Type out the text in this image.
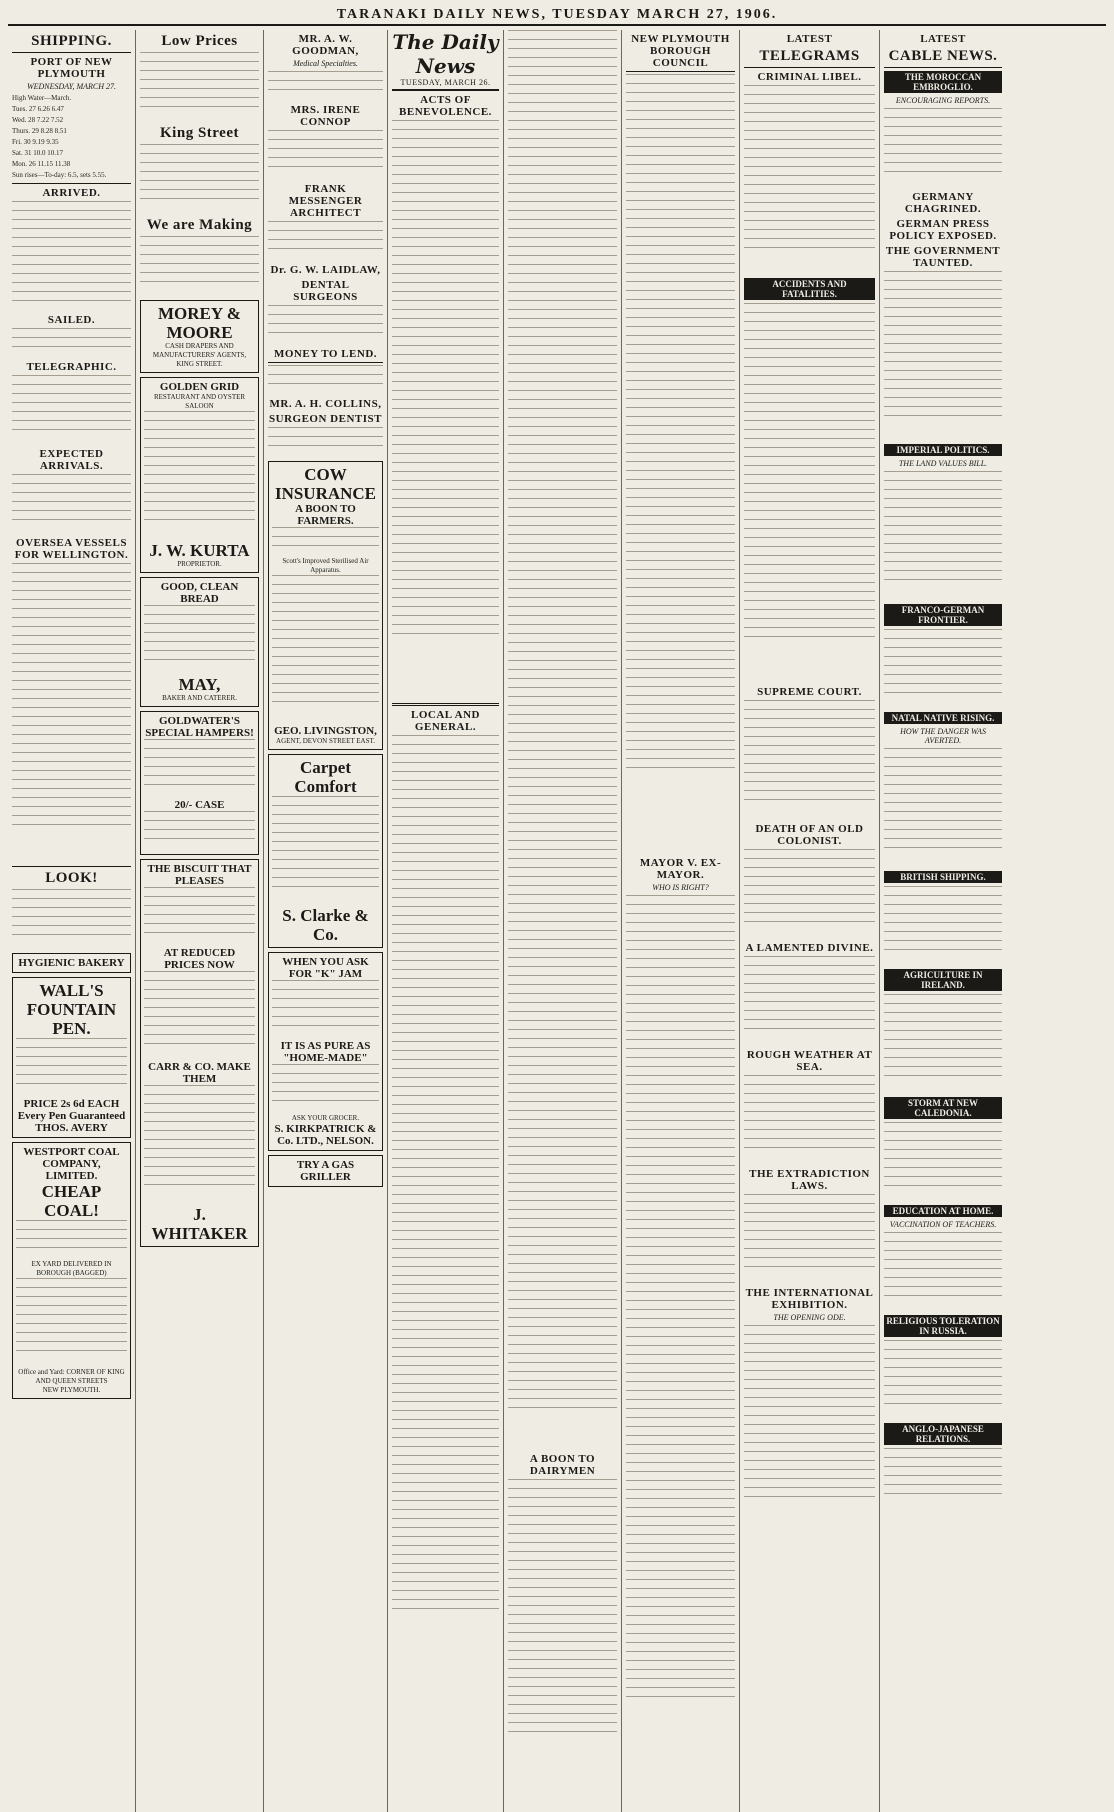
TARANAKI DAILY NEWS, TUESDAY MARCH 27, 1906.
SHIPPING.
PORT OF NEW PLYMOUTH
WEDNESDAY, MARCH 27.
High Water—March.
Tues. 27 6.26 6.47
Wed. 28 7.22 7.52
Thurs. 29 8.28 8.51
Fri. 30 9.19 9.35
Sat. 31 10.0 10.17
Mon. 26 11.15 11.38
Sun rises—To-day: 6.5, sets 5.55.
ARRIVED.
SAILED.
TELEGRAPHIC.
EXPECTED ARRIVALS.
OVERSEA VESSELS FOR WELLINGTON.
LOOK!
HYGIENIC BAKERY
WALL'S FOUNTAIN PEN.
PRICE 2s 6d EACH
Every Pen Guaranteed
THOS. AVERY
WESTPORT COAL COMPANY, LIMITED.
CHEAP COAL!
EX YARD DELIVERED IN BOROUGH (BAGGED)
Office and Yard: CORNER OF KING AND QUEEN STREETS
NEW PLYMOUTH.
Low Prices
King Street
We are Making
MOREY & MOORE
CASH DRAPERS AND MANUFACTURERS' AGENTS, KING STREET.
GOLDEN GRID
RESTAURANT AND OYSTER SALOON
J. W. KURTA
PROPRIETOR.
GOOD, CLEAN BREAD
MAY,
BAKER AND CATERER.
GOLDWATER'S SPECIAL HAMPERS!
20/- CASE
THE BISCUIT THAT PLEASES
AT REDUCED PRICES NOW
CARR & CO. MAKE THEM
J. WHITAKER
MR. A. W. GOODMAN,
Medical Specialties.
MRS. IRENE CONNOP
FRANK MESSENGER ARCHITECT
Dr. G. W. LAIDLAW,
DENTAL SURGEONS
MONEY TO LEND.
MR. A. H. COLLINS,
SURGEON DENTIST
COW INSURANCE
A BOON TO FARMERS.
Scott's Improved Sterilised Air Apparatus.
GEO. LIVINGSTON,
AGENT, DEVON STREET EAST.
Carpet Comfort
S. Clarke & Co.
WHEN YOU ASK FOR "K" JAM
IT IS AS PURE AS "HOME-MADE"
ASK YOUR GROCER.
S. KIRKPATRICK & Co. LTD., NELSON.
TRY A GAS GRILLER
The Daily News
TUESDAY, MARCH 26.
ACTS OF BENEVOLENCE.
LOCAL AND GENERAL.
A BOON TO DAIRYMEN
NEW PLYMOUTH BOROUGH COUNCIL
MAYOR V. EX-MAYOR.
WHO IS RIGHT?
LATEST
TELEGRAMS
CRIMINAL LIBEL.
ACCIDENTS AND FATALITIES.
SUPREME COURT.
DEATH OF AN OLD COLONIST.
A LAMENTED DIVINE.
ROUGH WEATHER AT SEA.
THE EXTRADICTION LAWS.
THE INTERNATIONAL EXHIBITION.
THE OPENING ODE.
LATEST
CABLE NEWS.
THE MOROCCAN EMBROGLIO.
ENCOURAGING REPORTS.
GERMANY CHAGRINED.
GERMAN PRESS POLICY EXPOSED.
THE GOVERNMENT TAUNTED.
IMPERIAL POLITICS.
THE LAND VALUES BILL.
FRANCO-GERMAN FRONTIER.
NATAL NATIVE RISING.
HOW THE DANGER WAS AVERTED.
BRITISH SHIPPING.
AGRICULTURE IN IRELAND.
STORM AT NEW CALEDONIA.
EDUCATION AT HOME.
VACCINATION OF TEACHERS.
RELIGIOUS TOLERATION IN RUSSIA.
ANGLO-JAPANESE RELATIONS.
